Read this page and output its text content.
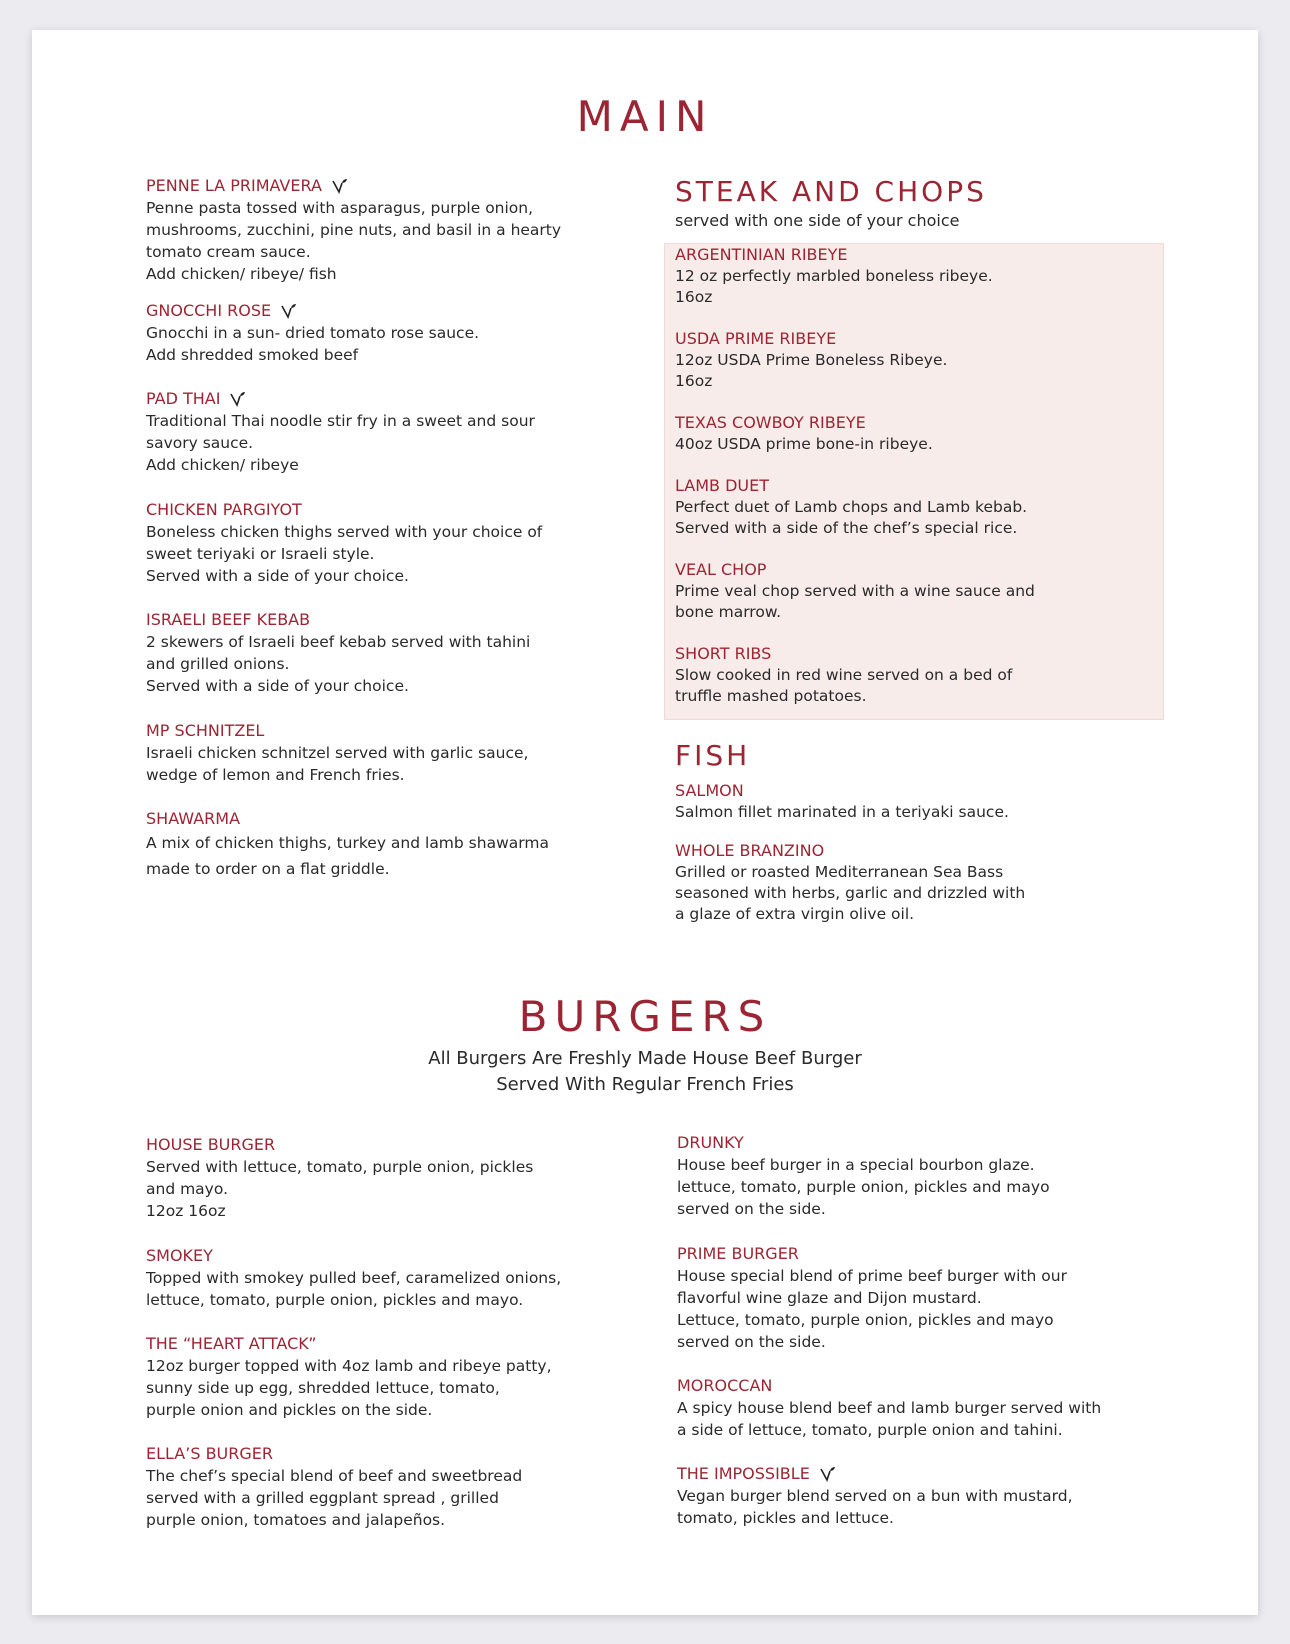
MAIN
PENNE LA PRIMAVERA
Penne pasta tossed with asparagus, purple onion,
mushrooms, zucchini, pine nuts, and basil in a hearty
tomato cream sauce.
Add chicken/ ribeye/ fish
GNOCCHI ROSE
Gnocchi in a sun- dried tomato rose sauce.
Add shredded smoked beef
PAD THAI
Traditional Thai noodle stir fry in a sweet and sour
savory sauce.
Add chicken/ ribeye
CHICKEN PARGIYOT
Boneless chicken thighs served with your choice of
sweet teriyaki or Israeli style.
Served with a side of your choice.
ISRAELI BEEF KEBAB
2 skewers of Israeli beef kebab served with tahini
and grilled onions.
Served with a side of your choice.
MP SCHNITZEL
Israeli chicken schnitzel served with garlic sauce,
wedge of lemon and French fries.
SHAWARMA
A mix of chicken thighs, turkey and lamb shawarma
made to order on a flat griddle.
STEAK AND CHOPS
served with one side of your choice
ARGENTINIAN RIBEYE
12 oz perfectly marbled boneless ribeye.
16oz
USDA PRIME RIBEYE
12oz USDA Prime Boneless Ribeye.
16oz
TEXAS COWBOY RIBEYE
40oz USDA prime bone-in ribeye.
LAMB DUET
Perfect duet of Lamb chops and Lamb kebab.
Served with a side of the chef’s special rice.
VEAL CHOP
Prime veal chop served with a wine sauce and
bone marrow.
SHORT RIBS
Slow cooked in red wine served on a bed of
truffle mashed potatoes.
FISH
SALMON
Salmon fillet marinated in a teriyaki sauce.
WHOLE BRANZINO
Grilled or roasted Mediterranean Sea Bass
seasoned with herbs, garlic and drizzled with
a glaze of extra virgin olive oil.
BURGERS
All Burgers Are Freshly Made House Beef Burger
Served With Regular French Fries
HOUSE BURGER
Served with lettuce, tomato, purple onion, pickles
and mayo.
12oz 16oz
SMOKEY
Topped with smokey pulled beef, caramelized onions,
lettuce, tomato, purple onion, pickles and mayo.
THE “HEART ATTACK”
12oz burger topped with 4oz lamb and ribeye patty,
sunny side up egg, shredded lettuce, tomato,
purple onion and pickles on the side.
ELLA’S BURGER
The chef’s special blend of beef and sweetbread
served with a grilled eggplant spread , grilled
purple onion, tomatoes and jalapeños.
DRUNKY
House beef burger in a special bourbon glaze.
lettuce, tomato, purple onion, pickles and mayo
served on the side.
PRIME BURGER
House special blend of prime beef burger with our
flavorful wine glaze and Dijon mustard.
Lettuce, tomato, purple onion, pickles and mayo
served on the side.
MOROCCAN
A spicy house blend beef and lamb burger served with
a side of lettuce, tomato, purple onion and tahini.
THE IMPOSSIBLE
Vegan burger blend served on a bun with mustard,
tomato, pickles and lettuce.
